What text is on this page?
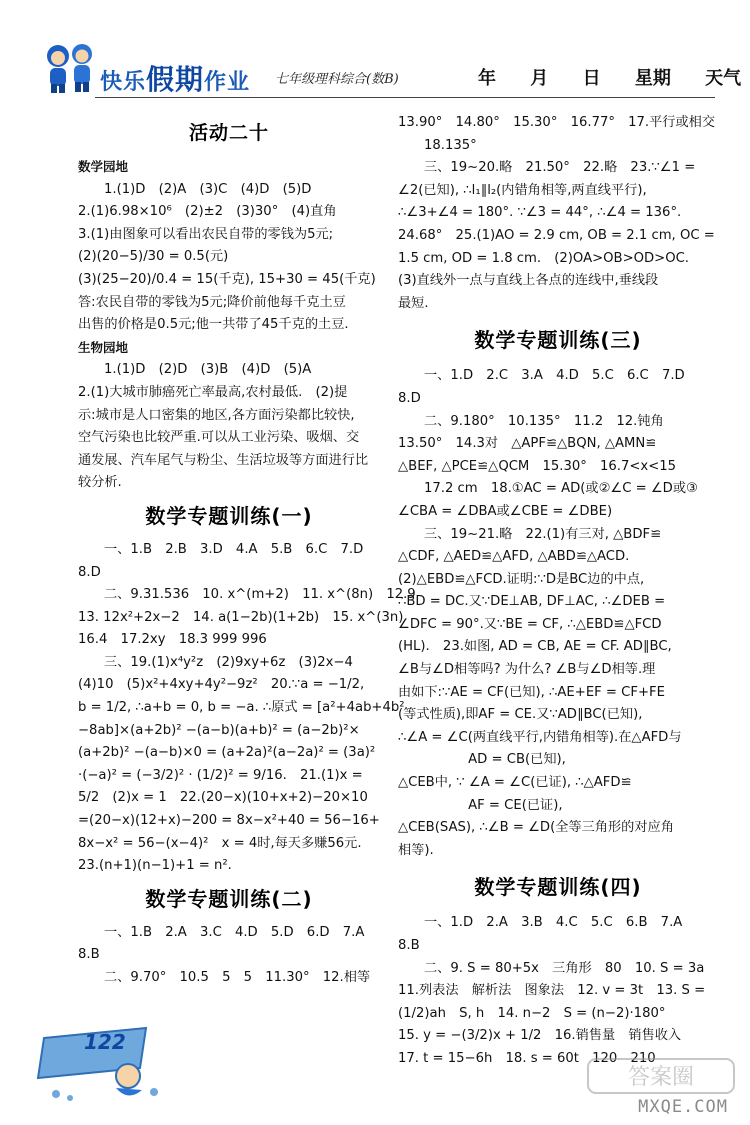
快乐假期作业 七年级理科综合(数B)	年 月 日 星期 天气
活动二十
数学园地
1.(1)D　(2)A　(3)C　(4)D　(5)D
2.(1)6.98×10⁶　(2)±2　(3)30°　(4)直角
3.(1)由图象可以看出农民自带的零钱为5元;
(2)(20−5)/30 = 0.5(元)
(3)(25−20)/0.4 = 15(千克), 15+30 = 45(千克)
答:农民自带的零钱为5元;降价前他每千克土豆
出售的价格是0.5元;他一共带了45千克的土豆.
生物园地
1.(1)D　(2)D　(3)B　(4)D　(5)A
2.(1)大城市肺癌死亡率最高,农村最低.　(2)提
示:城市是人口密集的地区,各方面污染都比较快,
空气污染也比较严重.可以从工业污染、吸烟、交
通发展、汽车尾气与粉尘、生活垃圾等方面进行比
较分析.
数学专题训练(一)
一、1.B　2.B　3.D　4.A　5.B　6.C　7.D
8.D
二、9.31.536　10. x^(m+2)　11. x^(8n)　12.9
13. 12x²+2x−2　14. a(1−2b)(1+2b)　15. x^(3n)
16.4　17.2xy　18.3 999 996
三、19.(1)x⁴y²z　(2)9xy+6z　(3)2x−4
(4)10　(5)x²+4xy+4y²−9z²　20.∵a = −1/2,
b = 1/2, ∴a+b = 0, b = −a. ∴原式 = [a²+4ab+4b²
−8ab]×(a+2b)² −(a−b)(a+b)² = (a−2b)²×
(a+2b)² −(a−b)×0 = (a+2a)²(a−2a)² = (3a)²
·(−a)² = (−3/2)² · (1/2)² = 9/16.　21.(1)x =
5/2　(2)x = 1　22.(20−x)(10+x+2)−20×10
=(20−x)(12+x)−200 = 8x−x²+40 = 56−16+
8x−x² = 56−(x−4)²　x = 4时,每天多赚56元.
23.(n+1)(n−1)+1 = n².
数学专题训练(二)
一、1.B　2.A　3.C　4.D　5.D　6.D　7.A
8.B
二、9.70°　10.5　5　5　11.30°　12.相等
13.90°　14.80°　15.30°　16.77°　17.平行或相交
18.135°
三、19~20.略　21.50°　22.略　23.∵∠1 =
∠2(已知), ∴l₁∥l₂(内错角相等,两直线平行),
∴∠3+∠4 = 180°. ∵∠3 = 44°, ∴∠4 = 136°.
24.68°　25.(1)AO = 2.9 cm, OB = 2.1 cm, OC =
1.5 cm, OD = 1.8 cm.　(2)OA>OB>OD>OC.
(3)直线外一点与直线上各点的连线中,垂线段
最短.
数学专题训练(三)
一、1.D　2.C　3.A　4.D　5.C　6.C　7.D
8.D
二、9.180°　10.135°　11.2　12.钝角
13.50°　14.3对　△APF≌△BQN, △AMN≌
△BEF, △PCE≌△QCM　15.30°　16.7<x<15
17.2 cm　18.①AC = AD(或②∠C = ∠D或③
∠CBA = ∠DBA或∠CBE = ∠DBE)
三、19~21.略　22.(1)有三对, △BDF≌
△CDF, △AED≌△AFD, △ABD≌△ACD.
(2)△EBD≌△FCD.证明:∵D是BC边的中点,
∴BD = DC.又∵DE⊥AB, DF⊥AC, ∴∠DEB =
∠DFC = 90°.又∵BE = CF, ∴△EBD≌△FCD
(HL).　23.如图, AD = CB, AE = CF. AD∥BC,
∠B与∠D相等吗? 为什么? ∠B与∠D相等.理
由如下:∵AE = CF(已知), ∴AE+EF = CF+FE
(等式性质),即AF = CE.又∵AD∥BC(已知),
∴∠A = ∠C(两直线平行,内错角相等).在△AFD与
　　　　　 AD = CB(已知),
△CEB中, ∵ ∠A = ∠C(已证), ∴△AFD≌
　　　　　 AF = CE(已证),
△CEB(SAS), ∴∠B = ∠D(全等三角形的对应角
相等).
数学专题训练(四)
一、1.D　2.A　3.B　4.C　5.C　6.B　7.A
8.B
二、9. S = 80+5x　三角形　80　10. S = 3a
11.列表法　解析法　图象法　12. v = 3t　13. S =
(1/2)ah　S, h　14. n−2　S = (n−2)·180°
15. y = −(3/2)x + 1/2　16.销售量　销售收入
17. t = 15−6h　18. s = 60t　120　210
122
答案圈
MXQE.COM
